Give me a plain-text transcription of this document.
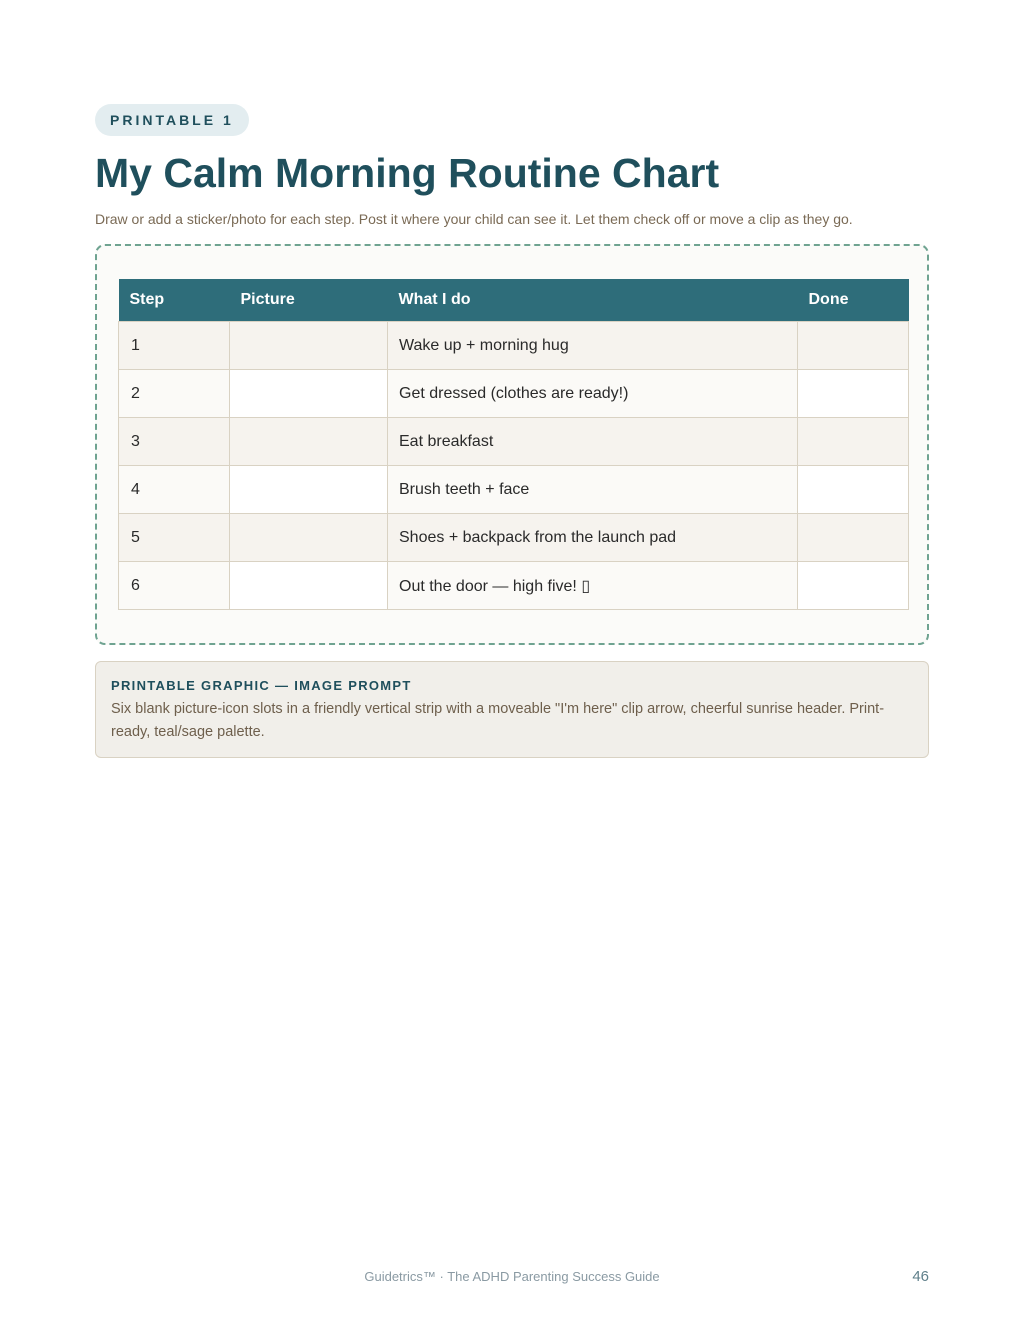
PRINTABLE 1
My Calm Morning Routine Chart

Draw or add a sticker/photo for each step. Post it where your child can see it. Let them check off or move a clip as they go.

Step	Picture	What I do	Done
1		Wake up + morning hug	
2		Get dressed (clothes are ready!)	
3		Eat breakfast	
4		Brush teeth + face	
5		Shoes + backpack from the launch pad	
6		Out the door — high five! ▯	
PRINTABLE GRAPHIC — IMAGE PROMPT
Six blank picture-icon slots in a friendly vertical strip with a moveable "I'm here" clip arrow, cheerful sunrise header. Print-ready, teal/sage palette.
Guidetrics™ · The ADHD Parenting Success Guide	46
